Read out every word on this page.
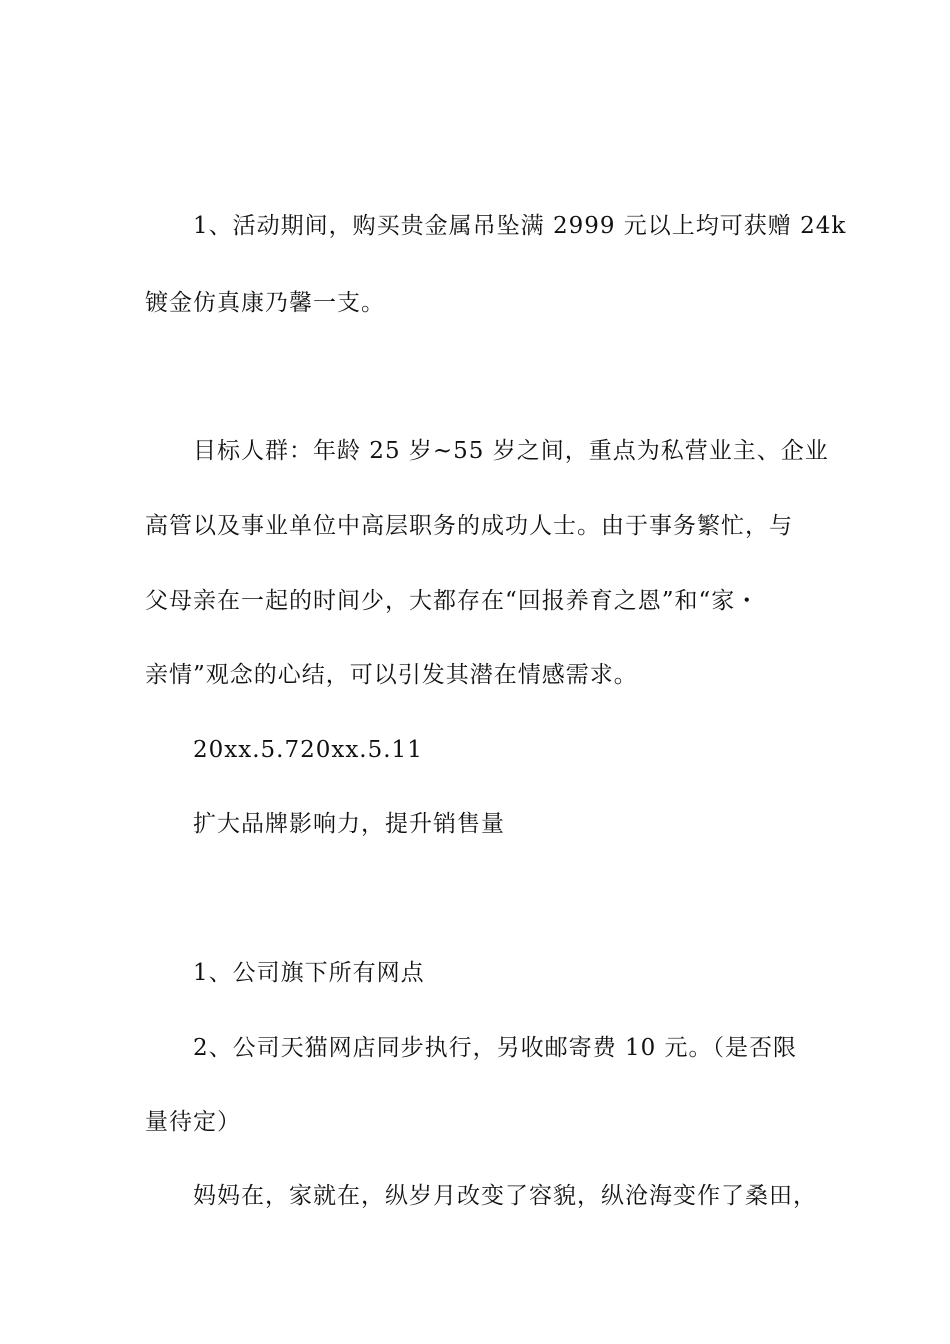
1、活动期间，购买贵金属吊坠满 2999 元以上均可获赠 24k
镀金仿真康乃馨一支。
目标人群：年龄 25 岁~55 岁之间，重点为私营业主、企业
高管以及事业单位中高层职务的成功人士。由于事务繁忙，与
父母亲在一起的时间少，大都存在“回报养育之恩”和“家・
亲情”观念的心结，可以引发其潜在情感需求。
20xx.5.720xx.5.11
扩大品牌影响力，提升销售量
1、公司旗下所有网点
2、公司天猫网店同步执行，另收邮寄费 10 元。（是否限
量待定）
妈妈在，家就在，纵岁月改变了容貌，纵沧海变作了桑田，
